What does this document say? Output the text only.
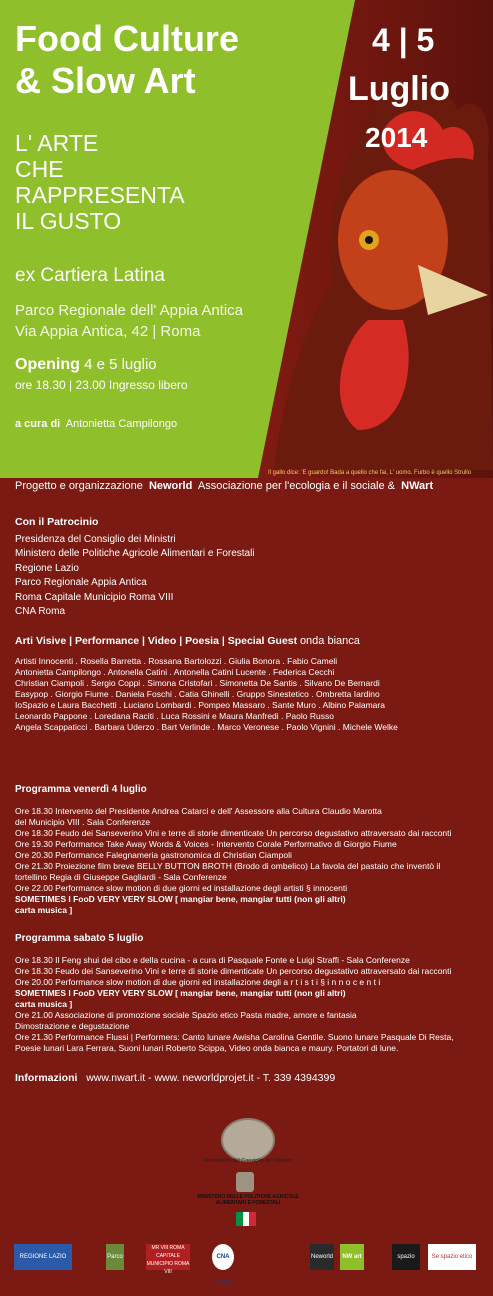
Food Culture
& Slow Art
4 | 5
Luglio
2014
L' ARTE
CHE
RAPPRESENTA
IL GUSTO
ex Cartiera Latina
Parco Regionale dell' Appia Antica
Via Appia Antica, 42 | Roma
Opening 4 e 5 luglio
ore 18.30 | 23.00 Ingresso libero
a cura di Antonietta Campilongo
Il gallo dice: 'E guardo! Bada a quello che fai, L' uomo. Furbo è quello Strullo
Progetto e organizzazione Neworld Associazione per l'ecologia e il sociale & NWart
Con il Patrocinio
Presidenza del Consiglio dei Ministri
Ministero delle Politiche Agricole Alimentari e Forestali
Regione Lazio
Parco Regionale Appia Antica
Roma Capitale Municipio Roma VIII
CNA Roma
Arti Visive | Performance | Video | Poesia | Special Guest onda bianca
Artisti Innocenti . Rosella Barretta . Rossana Bartolozzi . Giulia Bonora . Fabio Cameli
Antonietta Campilongo . Antonella Catini . Antonella Catini Lucente . Federica Cecchi
Christian Ciampoli . Sergio Coppi . Simona Cristofari . Simonetta De Santis . Silvano De Bernardi
Easypop . Giorgio Fiume . Daniela Foschi . Catia Ghinelli . Gruppo Sinestetico . Ombretta Iardino
IoSpazio e Laura Bacchetti . Luciano Lombardi . Pompeo Massaro . Sante Muro . Albino Palamara
Leonardo Pappone . Loredana Raciti . Luca Rossini e Maura Manfredi . Paolo Russo
Angela Scappaticci . Barbara Uderzo . Bart Verlinde . Marco Veronese . Paolo Vignini . Michele Welke
Programma venerdì 4 luglio
Ore 18.30 Intervento del Presidente Andrea Catarci e dell' Assessore alla Cultura Claudio Marotta
del Municipio VIII . Sala Conferenze
Ore 18.30 Feudo dei Sanseverino Vini e terre di storie dimenticate Un percorso degustativo attraversato dai racconti
Ore 19.30 Performance Take Away Words & Voices - Intervento Corale Performativo di Giorgio Fiume
Ore 20.30 Performance Falegnameria gastronomica di Christian Ciampoli
Ore 21.30 Proiezione film breve BELLY BUTTON BROTH (Brodo di ombelico) La favola del pastaio che inventò il
tortellino Regia di Giuseppe Gagliardi - Sala Conferenze
Ore 22.00 Performance slow motion di due giorni ed installazione degli artisti § innocenti
SOMETIMES I FooD VERY VERY SLOW [ mangiar bene, mangiar tutti (non gli altri)
carta musica ]
Programma sabato 5 luglio
Ore 18.30 Il Feng shui del cibo e della cucina - a cura di Pasquale Fonte e Luigi Straffi - Sala Conferenze
Ore 18.30 Feudo dei Sanseverino Vini e terre di storie dimenticate Un percorso degustativo attraversato dai racconti
Ore 20.00 Performance slow motion di due giorni ed installazione degli a r t i s t i § i n n o c e n t i
SOMETIMES I FooD VERY VERY SLOW [ mangiar bene, mangiar tutti (non gli altri)
carta musica ]
Ore 21.00 Associazione di promozione sociale Spazio etico Pasta madre, amore e fantasia
Dimostrazione e degustazione
Ore 21.30 Performance Flussi | Performers: Canto lunare Awisha Carolina Gentile. Suono lunare Pasquale Di Resta,
Poesie lunari Lara Ferrara, Suoni lunari Roberto Scippa, Video onda bianca e maury. Portatori di lune.
Informazioni www.nwart.it - www. neworldprojet.it - T. 339 4394399
Presidenza del Consiglio dei Ministri
MINISTERO DELLE POLITICHE AGRICOLE ALIMENTARI E FORESTALI
REGIONE LAZIO	Parco
MR VIII ROMA CAPITALE MUNICIPIO ROMA VIII
CNA Roma
Neworld	NW art	spazio	Se spazio etico
